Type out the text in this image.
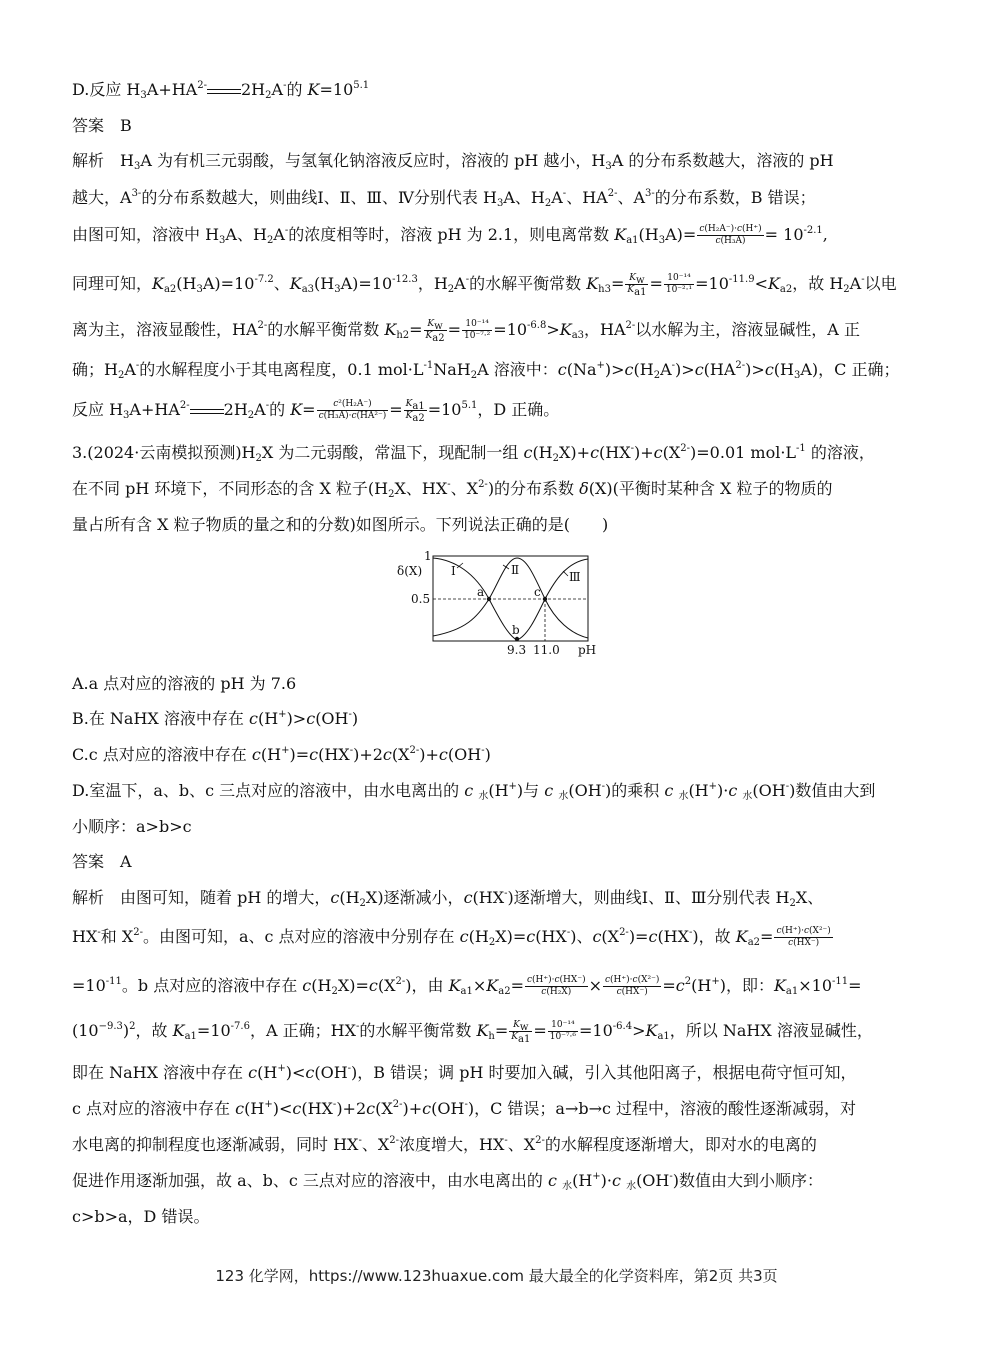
D.反应 $H_3A+HA^{2-}$ $2H_2A^-$的 $K=10^{5.1}$
答案　B
解析　$H_3A$ 为有机三元弱酸，与氢氧化钠溶液反应时，溶液的 pH 越小，$H_3A$ 的分布系数越大，溶液的 pH
越大，$A^{3-}$的分布系数越大，则曲线Ⅰ、Ⅱ、Ⅲ、Ⅳ分别代表 $H_3A$、$H_2A^-$、$HA^{2-}$、$A^{3-}$的分布系数，B 错误；
由图可知，溶液中 $H_3A$、$H_2A^-$的浓度相等时，溶液 pH 为 2.1，则电离常数 $K_{a1}(H_3A)= \frac{\text{c(H₂A⁻)·c(H⁺)}}{\text{c(H₃A)}} = 10^{-2.1}$,
同理可知，$K_{a2}(H_3A)=10^{-7.2}$、$K_{a3}(H_3A)=10^{-12.3}$，$H_2A^-$的水解平衡常数 $K_{h3}= \frac{K_w}{K_{a1}} = \frac{\text{10⁻¹⁴}}{\text{10⁻²·¹}} =10^{-11.9}<K_{a2}$，故 $H_2A^-$以电
离为主，溶液显酸性，$HA^{2-}$的水解平衡常数 $K_{h2}= \frac{K_w}{K_{a2}} = \frac{\text{10⁻¹⁴}}{\text{10⁻⁷·²}} =10^{-6.8}>K_{a3}$，$HA^{2-}$以水解为主，溶液显碱性，A 正
确；$H_2A^-$的水解程度小于其电离程度，0.1 $mol\cdot L^{-1}NaH_2A$ 溶液中：$c(Na^+)>c(H_2A^-)>c(HA^{2-})>c(H_3A)$，C 正确；
反应 $H_3A+HA^{2-}$ $2H_2A^-$的 $K= \frac{\text{c²(H₂A⁻)}}{\text{c(H₃A)·c(HA²⁻)}} = \frac{K_{a1}}{K_{a2}} =10^{5.1}$，D 正确。
3.(2024·云南模拟预测)$H_2X$ 为二元弱酸，常温下，现配制一组 $c(H_2X)+c(HX^-)+c(X^{2-})=0.01$ $mol\cdot L^{-1}$ 的溶液，
在不同 pH 环境下，不同形态的含 X 粒子($H_2X$、HX-、$X^{2-}$)的分布系数 δ(X)(平衡时某种含 X 粒子的物质的
量占所有含 X 粒子物质的量之和的分数)如图所示。下列说法正确的是(　　)
δ(X)
1
0.5	a
b
c
Ⅰ	Ⅱ	Ⅲ
9.3 11.0 pH
A.a 点对应的溶液的 pH 为 7.6
B.在 NaHX 溶液中存在 c(H+)>c(OH-)
C.c 点对应的溶液中存在 $c(H^+)=c(HX^-)+2c(X^{2-})+c(OH^-)$
D.室温下，a、b、c 三点对应的溶液中，由水电离出的 c $_水$(H+)与 c $_水$(OH-)的乘积 c $_水$(H+)·c $_水$(OH-)数值由大到
小顺序：a>b>c
答案　A
解析　由图可知，随着 pH 的增大，$c(H_2X)$逐渐减小，c(HX-)逐渐增大，则曲线Ⅰ、Ⅱ、Ⅲ分别代表 $H_2X$、
HX-和 $X^{2-}$。由图可知，a、c 点对应的溶液中分别存在 $c(H_2X)=c(HX^-)$、$c(X^{2-})=c(HX^-)$，故 $K_{a2}= \frac{\text{c(H⁺)·c(X²⁻)}}{c(HX^-)}$
$=10^{-11}$。b 点对应的溶液中存在 $c(H_2X)=c(X^{2-})$，由 $K_{a1}\times K_{a2}= \frac{c(H^+)\cdot c(HX^-)}{\text{c(H₂X)}} \times \frac{\text{c(H⁺)·c(X²⁻)}}{c(HX^-)} =c^2(H^+)$，即：$K_{a1}\times 10^{-11}=$
$(10^{-9.3})^2$，故 $K_{a1}=10^{-7.6}$，A 正确；HX-的水解平衡常数 $K_h= \frac{K_w}{K_{a1}} = \frac{\text{10⁻¹⁴}}{\text{10⁻⁷·⁶}} =10^{-6.4}>K_{a1}$，所以 NaHX 溶液显碱性，
即在 NaHX 溶液中存在 c(H+)<c(OH-)，B 错误；调 pH 时要加入碱，引入其他阳离子，根据电荷守恒可知，
c 点对应的溶液中存在 $c(H^+)<c(HX^-)+2c(X^{2-})+c(OH^-)$，C 错误；a→b→c 过程中，溶液的酸性逐渐减弱，对
水电离的抑制程度也逐渐减弱，同时 HX-、$X^{2-}$浓度增大，HX-、$X^{2-}$的水解程度逐渐增大，即对水的电离的
促进作用逐渐加强，故 a、b、c 三点对应的溶液中，由水电离出的 c $_水$(H+)·c $_水$(OH-)数值由大到小顺序：
c>b>a，D 错误。
123 化学网，https://www.123huaxue.com 最大最全的化学资料库，第2页 共3页
